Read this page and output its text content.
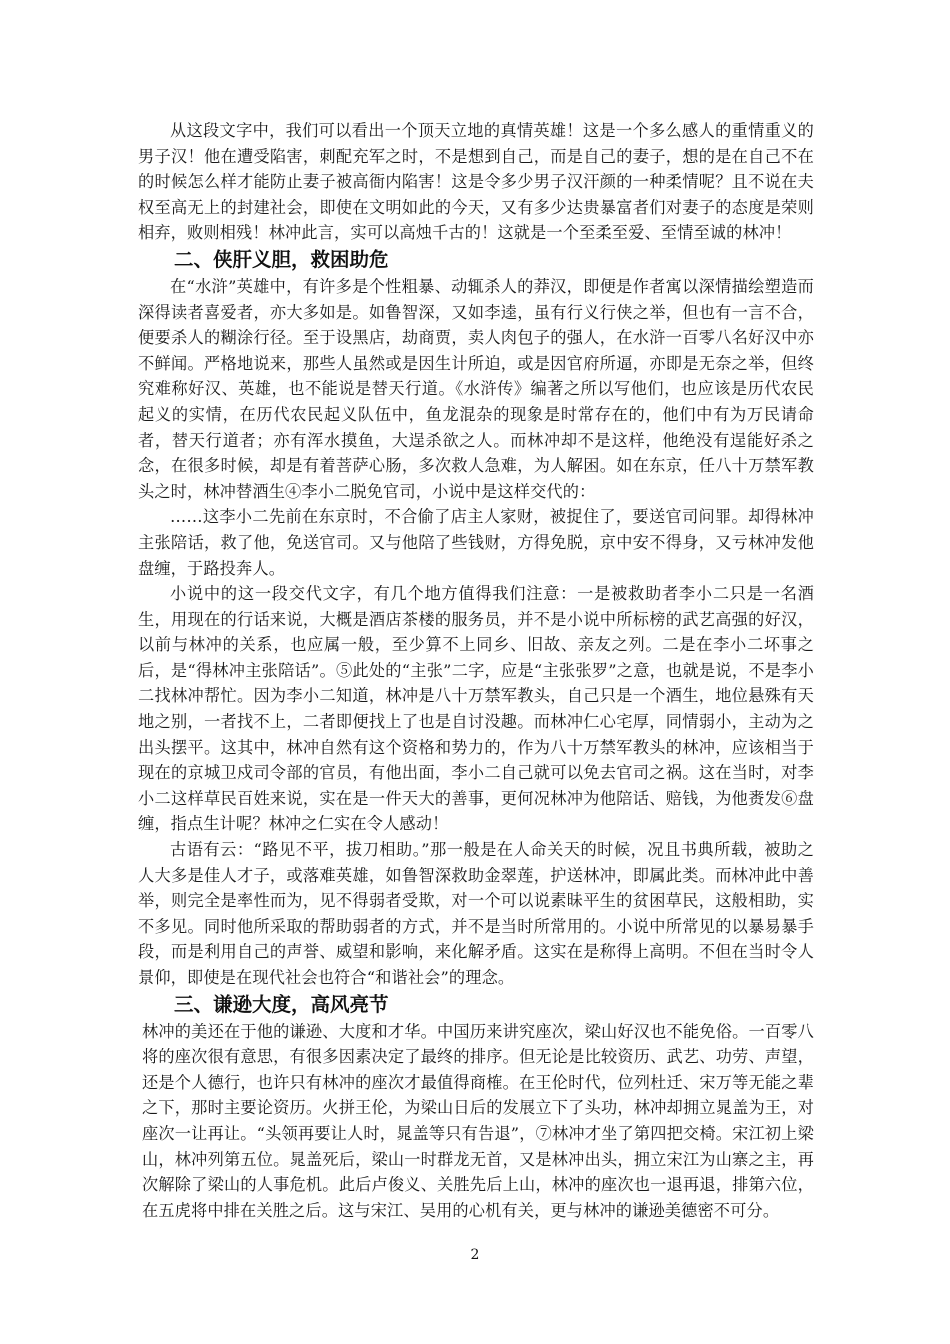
从这段文字中，我们可以看出一个顶天立地的真情英雄！这是一个多么感人的重情重义的男子汉！他在遭受陷害，刺配充军之时，不是想到自己，而是自己的妻子，想的是在自己不在的时候怎么样才能防止妻子被高衙内陷害！这是令多少男子汉汗颜的一种柔情呢？且不说在夫权至高无上的封建社会，即使在文明如此的今天，又有多少达贵暴富者们对妻子的态度是荣则相弃，败则相残！林冲此言，实可以高烛千古的！这就是一个至柔至爱、至情至诚的林冲！

二、侠肝义胆，救困助危

在“水浒”英雄中，有许多是个性粗暴、动辄杀人的莽汉，即便是作者寓以深情描绘塑造而深得读者喜爱者，亦大多如是。如鲁智深，又如李逵，虽有行义行侠之举，但也有一言不合，便要杀人的糊涂行径。至于设黑店，劫商贾，卖人肉包子的强人，在水浒一百零八名好汉中亦不鲜闻。严格地说来，那些人虽然或是因生计所迫，或是因官府所逼，亦即是无奈之举，但终究难称好汉、英雄，也不能说是替天行道。《水浒传》编著之所以写他们，也应该是历代农民起义的实情，在历代农民起义队伍中，鱼龙混杂的现象是时常存在的，他们中有为万民请命者，替天行道者；亦有浑水摸鱼，大逞杀欲之人。而林冲却不是这样，他绝没有逞能好杀之念，在很多时候，却是有着菩萨心肠，多次救人急难，为人解困。如在东京，任八十万禁军教头之时，林冲替酒生④李小二脱免官司，小说中是这样交代的：

……这李小二先前在东京时，不合偷了店主人家财，被捉住了，要送官司问罪。却得林冲主张陪话，救了他，免送官司。又与他陪了些钱财，方得免脱，京中安不得身，又亏林冲发他盘缠，于路投奔人。

小说中的这一段交代文字，有几个地方值得我们注意：一是被救助者李小二只是一名酒生，用现在的行话来说，大概是酒店茶楼的服务员，并不是小说中所标榜的武艺高强的好汉，以前与林冲的关系，也应属一般，至少算不上同乡、旧故、亲友之列。二是在李小二坏事之后，是“得林冲主张陪话”。⑤此处的“主张”二字，应是“主张张罗”之意，也就是说，不是李小二找林冲帮忙。因为李小二知道，林冲是八十万禁军教头，自己只是一个酒生，地位悬殊有天地之别，一者找不上，二者即便找上了也是自讨没趣。而林冲仁心宅厚，同情弱小，主动为之出头摆平。这其中，林冲自然有这个资格和势力的，作为八十万禁军教头的林冲，应该相当于现在的京城卫戍司令部的官员，有他出面，李小二自己就可以免去官司之祸。这在当时，对李小二这样草民百姓来说，实在是一件天大的善事，更何况林冲为他陪话、赔钱，为他赉发⑥盘缠，指点生计呢？林冲之仁实在令人感动！

古语有云：“路见不平，拔刀相助。”那一般是在人命关天的时候，况且书典所载，被助之人大多是佳人才子，或落难英雄，如鲁智深救助金翠莲，护送林冲，即属此类。而林冲此中善举，则完全是率性而为，见不得弱者受欺，对一个可以说素昧平生的贫困草民，这般相助，实不多见。同时他所采取的帮助弱者的方式，并不是当时所常用的。小说中所常见的以暴易暴手段，而是利用自己的声誉、威望和影响，来化解矛盾。这实在是称得上高明。不但在当时令人景仰，即使是在现代社会也符合“和谐社会”的理念。

三、谦逊大度，高风亮节

林冲的美还在于他的谦逊、大度和才华。中国历来讲究座次，梁山好汉也不能免俗。一百零八将的座次很有意思，有很多因素决定了最终的排序。但无论是比较资历、武艺、功劳、声望，还是个人德行，也许只有林冲的座次才最值得商榷。在王伦时代，位列杜迁、宋万等无能之辈之下，那时主要论资历。火拼王伦，为梁山日后的发展立下了头功，林冲却拥立晁盖为王，对座次一让再让。“头领再要让人时，晁盖等只有告退”，⑦林冲才坐了第四把交椅。宋江初上梁山，林冲列第五位。晁盖死后，梁山一时群龙无首，又是林冲出头，拥立宋江为山寨之主，再次解除了梁山的人事危机。此后卢俊义、关胜先后上山，林冲的座次也一退再退，排第六位，在五虎将中排在关胜之后。这与宋江、吴用的心机有关，更与林冲的谦逊美德密不可分。

2
